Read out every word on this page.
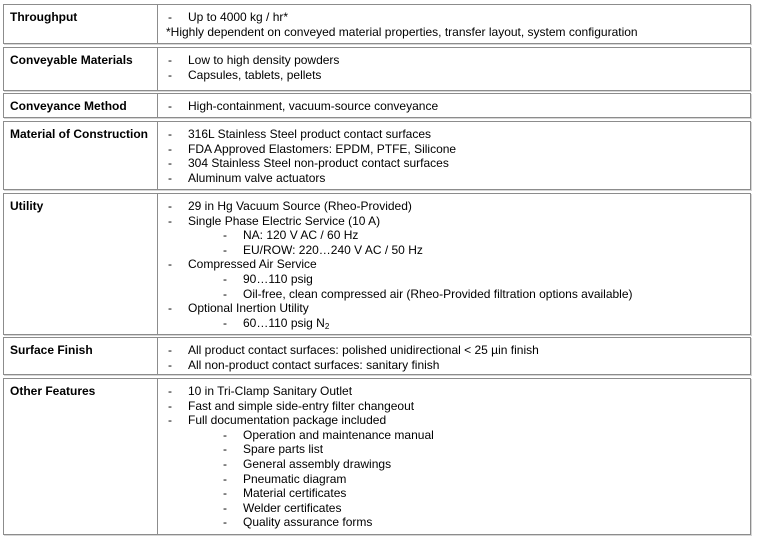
Throughput	- Up to 4000 kg / hr*
*Highly dependent on conveyed material properties, transfer layout, system configuration
Conveyable Materials	- Low to high density powders
- Capsules, tablets, pellets
Conveyance Method	- High-containment, vacuum-source conveyance
Material of Construction	- 316L Stainless Steel product contact surfaces
- FDA Approved Elastomers: EPDM, PTFE, Silicone
- 304 Stainless Steel non-product contact surfaces
- Aluminum valve actuators
Utility	- 29 in Hg Vacuum Source (Rheo-Provided)
- Single Phase Electric Service (10 A)
- NA: 120 V AC / 60 Hz
- EU/ROW: 220…240 V AC / 50 Hz
- Compressed Air Service
- 90…110 psig
- Oil-free, clean compressed air (Rheo-Provided filtration options available)
- Optional Inertion Utility
- 60…110 psig $N_2$
Surface Finish	- All product contact surfaces: polished unidirectional < 25 µin finish
- All non-product contact surfaces: sanitary finish
Other Features	- 10 in Tri-Clamp Sanitary Outlet
- Fast and simple side-entry filter changeout
- Full documentation package included
- Operation and maintenance manual
- Spare parts list
- General assembly drawings
- Pneumatic diagram
- Material certificates
- Welder certificates
- Quality assurance forms
